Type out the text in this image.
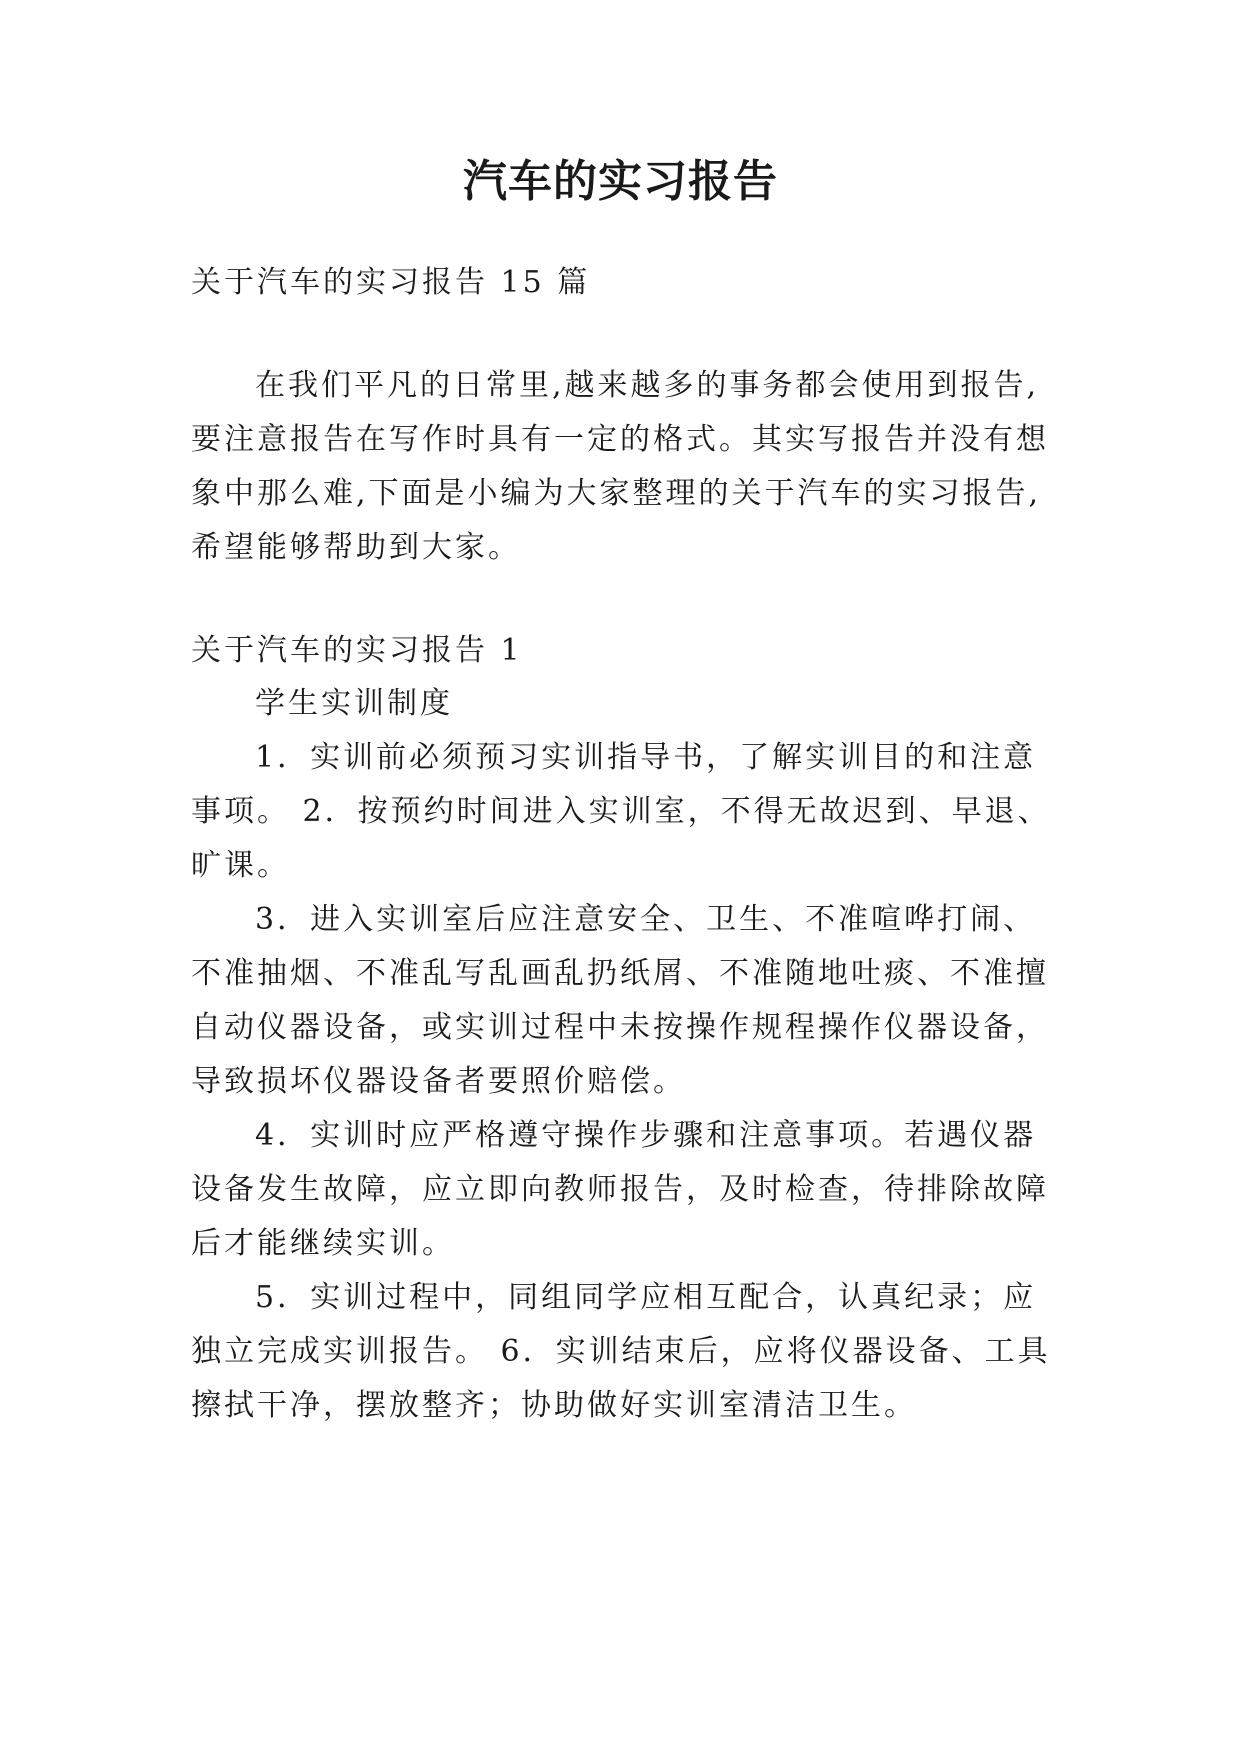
汽车的实习报告
关于汽车的实习报告 15 篇
在我们平凡的日常里,越来越多的事务都会使用到报告,
要注意报告在写作时具有一定的格式。其实写报告并没有想
象中那么难,下面是小编为大家整理的关于汽车的实习报告,
希望能够帮助到大家。
关于汽车的实习报告 1
学生实训制度
1．实训前必须预习实训指导书，了解实训目的和注意
事项。 2．按预约时间进入实训室，不得无故迟到、早退、
旷课。
3．进入实训室后应注意安全、卫生、不准喧哗打闹、
不准抽烟、不准乱写乱画乱扔纸屑、不准随地吐痰、不准擅
自动仪器设备，或实训过程中未按操作规程操作仪器设备，
导致损坏仪器设备者要照价赔偿。
4．实训时应严格遵守操作步骤和注意事项。若遇仪器
设备发生故障，应立即向教师报告，及时检查，待排除故障
后才能继续实训。
5．实训过程中，同组同学应相互配合，认真纪录；应
独立完成实训报告。 6．实训结束后，应将仪器设备、工具
擦拭干净，摆放整齐；协助做好实训室清洁卫生。
